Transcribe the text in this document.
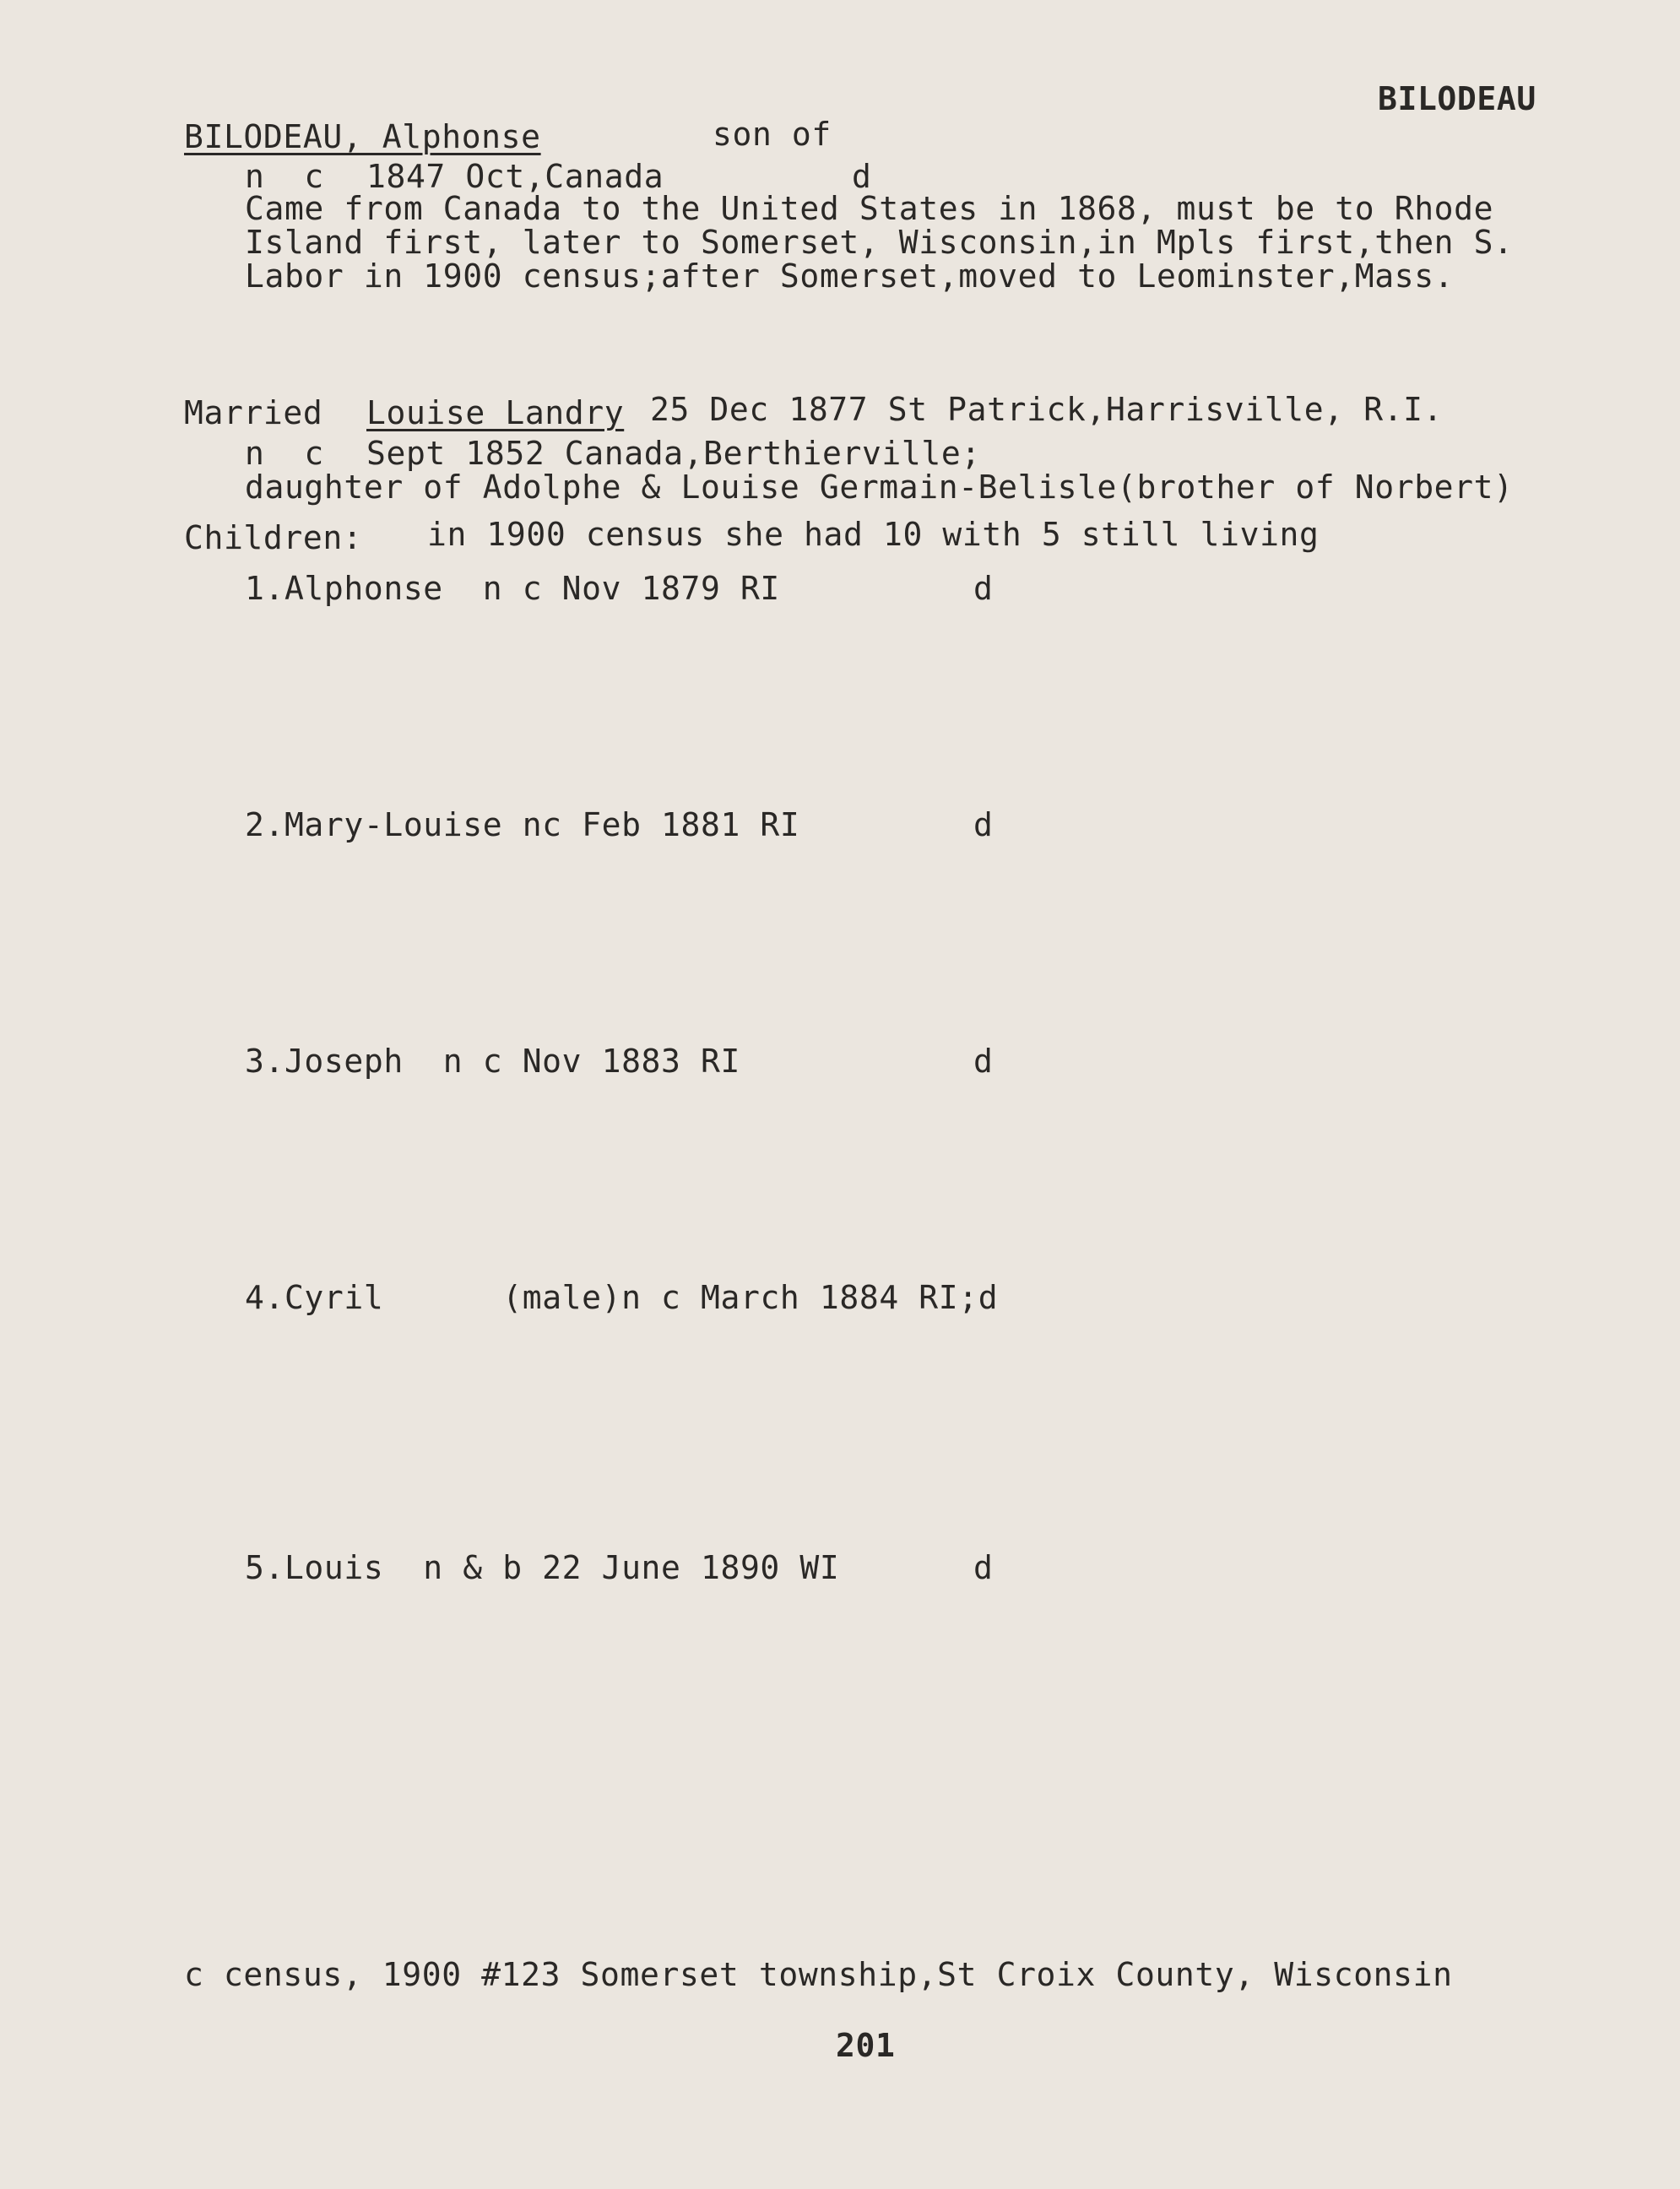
BILODEAU
BILODEAU, Alphonse	son of
n  c 1847 Oct,Canada	d
Came from Canada to the United States in 1868, must be to Rhode
Island first, later to Somerset, Wisconsin,in Mpls first,then S.
Labor in 1900 census;after Somerset,moved to Leominster,Mass.
Married Louise Landry 25 Dec 1877 St Patrick,Harrisville, R.I.
n  c Sept 1852 Canada,Berthierville;
daughter of Adolphe & Louise Germain-Belisle(brother of Norbert)
Children: in 1900 census she had 10 with 5 still living
1.Alphonse  n c Nov 1879 RI	d
2.Mary-Louise nc Feb 1881 RI	d
3.Joseph  n c Nov 1883 RI	d
4.Cyril	(male)n c March 1884 RI;d
5.Louis  n & b 22 June 1890 WI	d
c census, 1900 #123 Somerset township,St Croix County, Wisconsin
201
